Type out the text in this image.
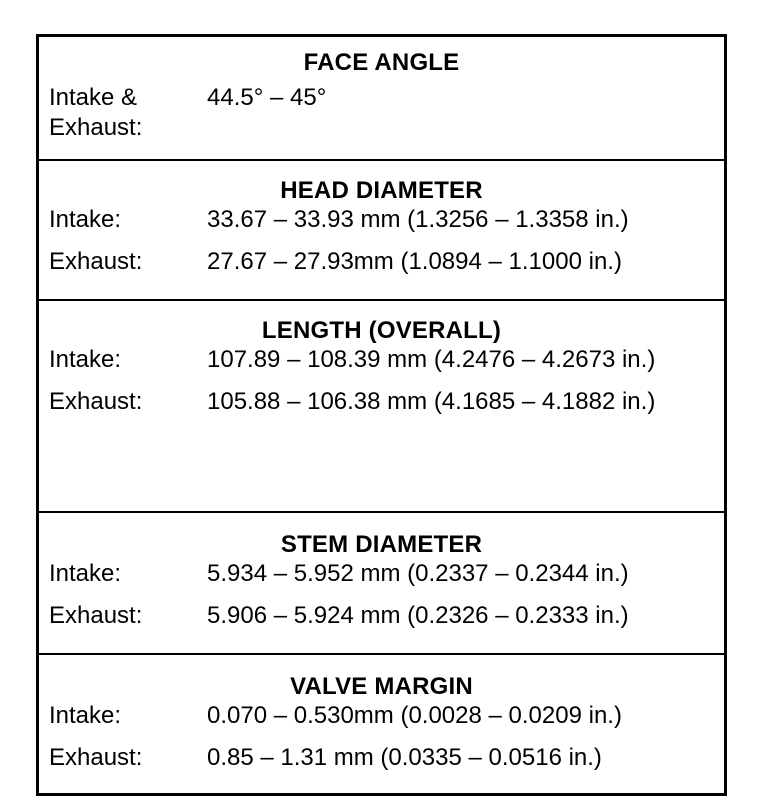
FACE ANGLE
Intake & Exhaust:
44.5° – 45°
HEAD DIAMETER
Intake:	33.67 – 33.93 mm (1.3256 – 1.3358 in.)
Exhaust:	27.67 – 27.93mm (1.0894 – 1.1000 in.)
LENGTH (OVERALL)
Intake:	107.89 – 108.39 mm (4.2476 – 4.2673 in.)
Exhaust:	105.88 – 106.38 mm (4.1685 – 4.1882 in.)
STEM DIAMETER
Intake:	5.934 – 5.952 mm (0.2337 – 0.2344 in.)
Exhaust:	5.906 – 5.924 mm (0.2326 – 0.2333 in.)
VALVE MARGIN
Intake:	0.070 – 0.530mm (0.0028 – 0.0209 in.)
Exhaust:	0.85 – 1.31 mm (0.0335 – 0.0516 in.)
